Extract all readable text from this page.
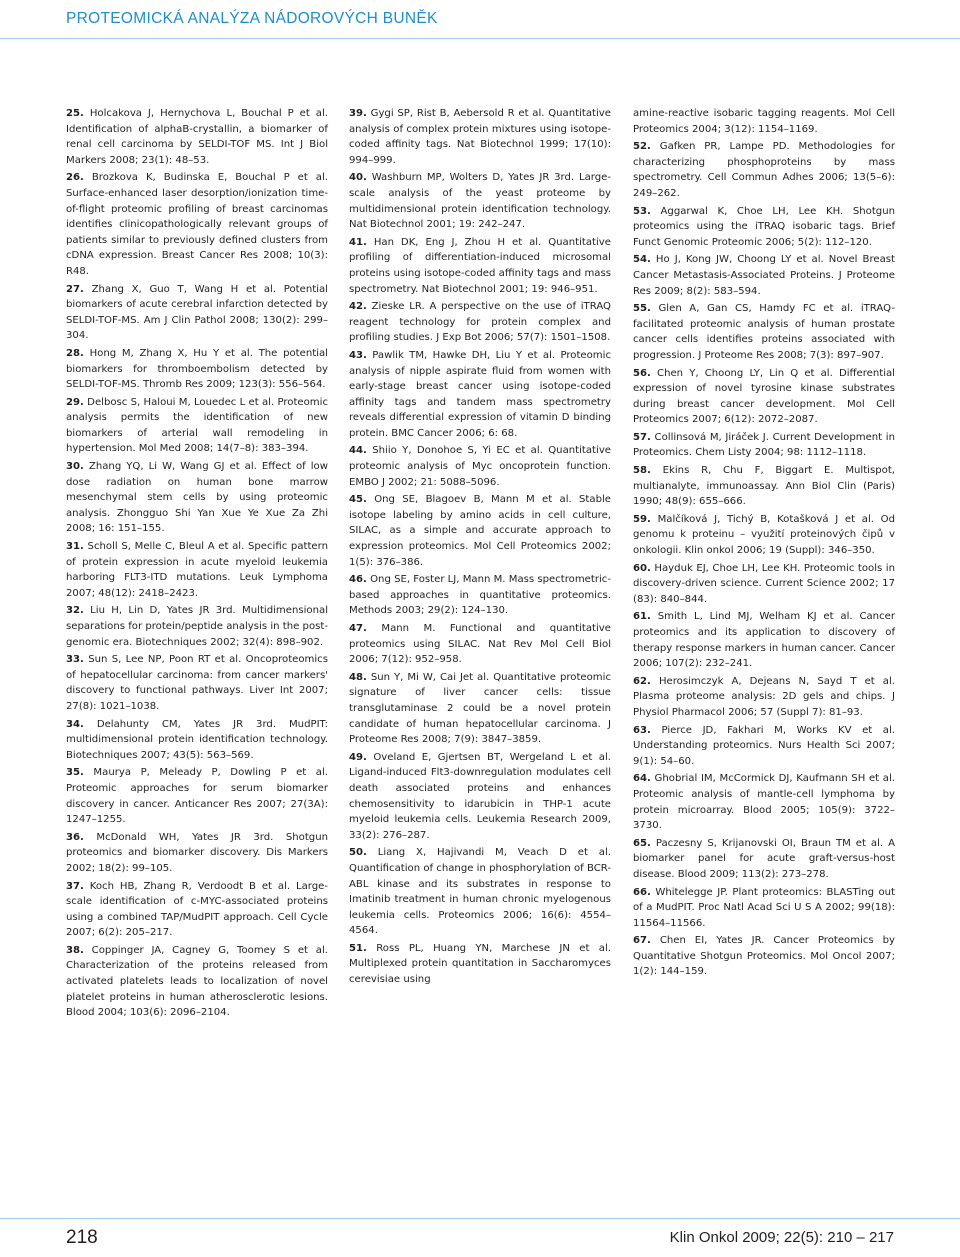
PROTEOMICKÁ ANALÝZA NÁDOROVÝCH BUNĚK

25. Holcakova J, Hernychova L, Bouchal P et al. Identification of alphaB-crystallin, a biomarker of renal cell carcinoma by SELDI-TOF MS. Int J Biol Markers 2008; 23(1): 48–53.

26. Brozkova K, Budinska E, Bouchal P et al. Surface-enhanced laser desorption/ionization time-of-flight proteomic profiling of breast carcinomas identifies clinicopathologically relevant groups of patients similar to previously defined clusters from cDNA expression. Breast Cancer Res 2008; 10(3): R48.

27. Zhang X, Guo T, Wang H et al. Potential biomarkers of acute cerebral infarction detected by SELDI-TOF-MS. Am J Clin Pathol 2008; 130(2): 299–304.

28. Hong M, Zhang X, Hu Y et al. The potential biomarkers for thromboembolism detected by SELDI-TOF-MS. Thromb Res 2009; 123(3): 556–564.

29. Delbosc S, Haloui M, Louedec L et al. Proteomic analysis permits the identification of new biomarkers of arterial wall remodeling in hypertension. Mol Med 2008; 14(7–8): 383–394.

30. Zhang YQ, Li W, Wang GJ et al. Effect of low dose radiation on human bone marrow mesenchymal stem cells by using proteomic analysis. Zhongguo Shi Yan Xue Ye Xue Za Zhi 2008; 16: 151–155.

31. Scholl S, Melle C, Bleul A et al. Specific pattern of protein expression in acute myeloid leukemia harboring FLT3-ITD mutations. Leuk Lymphoma 2007; 48(12): 2418–2423.

32. Liu H, Lin D, Yates JR 3rd. Multidimensional separations for protein/peptide analysis in the post-genomic era. Biotechniques 2002; 32(4): 898–902.

33. Sun S, Lee NP, Poon RT et al. Oncoproteomics of hepatocellular carcinoma: from cancer markers' discovery to functional pathways. Liver Int 2007; 27(8): 1021–1038.

34. Delahunty CM, Yates JR 3rd. MudPIT: multidimensional protein identification technology. Biotechniques 2007; 43(5): 563–569.

35. Maurya P, Meleady P, Dowling P et al. Proteomic approaches for serum biomarker discovery in cancer. Anticancer Res 2007; 27(3A): 1247–1255.

36. McDonald WH, Yates JR 3rd. Shotgun proteomics and biomarker discovery. Dis Markers 2002; 18(2): 99–105.

37. Koch HB, Zhang R, Verdoodt B et al. Large-scale identification of c-MYC-associated proteins using a combined TAP/MudPIT approach. Cell Cycle 2007; 6(2): 205–217.

38. Coppinger JA, Cagney G, Toomey S et al. Characterization of the proteins released from activated platelets leads to localization of novel platelet proteins in human atherosclerotic lesions. Blood 2004; 103(6): 2096–2104.

39. Gygi SP, Rist B, Aebersold R et al. Quantitative analysis of complex protein mixtures using isotope-coded affinity tags. Nat Biotechnol 1999; 17(10): 994–999.

40. Washburn MP, Wolters D, Yates JR 3rd. Large-scale analysis of the yeast proteome by multidimensional protein identification technology. Nat Biotechnol 2001; 19: 242–247.

41. Han DK, Eng J, Zhou H et al. Quantitative profiling of differentiation-induced microsomal proteins using isotope-coded affinity tags and mass spectrometry. Nat Biotechnol 2001; 19: 946–951.

42. Zieske LR. A perspective on the use of iTRAQ reagent technology for protein complex and profiling studies. J Exp Bot 2006; 57(7): 1501–1508.

43. Pawlik TM, Hawke DH, Liu Y et al. Proteomic analysis of nipple aspirate fluid from women with early-stage breast cancer using isotope-coded affinity tags and tandem mass spectrometry reveals differential expression of vitamin D binding protein. BMC Cancer 2006; 6: 68.

44. Shiio Y, Donohoe S, Yi EC et al. Quantitative proteomic analysis of Myc oncoprotein function. EMBO J 2002; 21: 5088–5096.

45. Ong SE, Blagoev B, Mann M et al. Stable isotope labeling by amino acids in cell culture, SILAC, as a simple and accurate approach to expression proteomics. Mol Cell Proteomics 2002; 1(5): 376–386.

46. Ong SE, Foster LJ, Mann M. Mass spectrometric-based approaches in quantitative proteomics. Methods 2003; 29(2): 124–130.

47. Mann M. Functional and quantitative proteomics using SILAC. Nat Rev Mol Cell Biol 2006; 7(12): 952–958.

48. Sun Y, Mi W, Cai Jet al. Quantitative proteomic signature of liver cancer cells: tissue transglutaminase 2 could be a novel protein candidate of human hepatocellular carcinoma. J Proteome Res 2008; 7(9): 3847–3859.

49. Oveland E, Gjertsen BT, Wergeland L et al. Ligand-induced Flt3-downregulation modulates cell death associated proteins and enhances chemosensitivity to idarubicin in THP-1 acute myeloid leukemia cells. Leukemia Research 2009, 33(2): 276–287.

50. Liang X, Hajivandi M, Veach D et al. Quantification of change in phosphorylation of BCR-ABL kinase and its substrates in response to Imatinib treatment in human chronic myelogenous leukemia cells. Proteomics 2006; 16(6): 4554–4564.

51. Ross PL, Huang YN, Marchese JN et al. Multiplexed protein quantitation in Saccharomyces cerevisiae using

amine-reactive isobaric tagging reagents. Mol Cell Proteomics 2004; 3(12): 1154–1169.

52. Gafken PR, Lampe PD. Methodologies for characterizing phosphoproteins by mass spectrometry. Cell Commun Adhes 2006; 13(5–6): 249–262.

53. Aggarwal K, Choe LH, Lee KH. Shotgun proteomics using the iTRAQ isobaric tags. Brief Funct Genomic Proteomic 2006; 5(2): 112–120.

54. Ho J, Kong JW, Choong LY et al. Novel Breast Cancer Metastasis-Associated Proteins. J Proteome Res 2009; 8(2): 583–594.

55. Glen A, Gan CS, Hamdy FC et al. iTRAQ-facilitated proteomic analysis of human prostate cancer cells identifies proteins associated with progression. J Proteome Res 2008; 7(3): 897–907.

56. Chen Y, Choong LY, Lin Q et al. Differential expression of novel tyrosine kinase substrates during breast cancer development. Mol Cell Proteomics 2007; 6(12): 2072–2087.

57. Collinsová M, Jiráček J. Current Development in Proteomics. Chem Listy 2004; 98: 1112–1118.

58. Ekins R, Chu F, Biggart E. Multispot, multianalyte, immunoassay. Ann Biol Clin (Paris) 1990; 48(9): 655–666.

59. Malčíková J, Tichý B, Kotašková J et al. Od genomu k proteinu – využití proteinových čipů v onkologii. Klin onkol 2006; 19 (Suppl): 346–350.

60. Hayduk EJ, Choe LH, Lee KH. Proteomic tools in discovery-driven science. Current Science 2002; 17 (83): 840–844.

61. Smith L, Lind MJ, Welham KJ et al. Cancer proteomics and its application to discovery of therapy response markers in human cancer. Cancer 2006; 107(2): 232–241.

62. Herosimczyk A, Dejeans N, Sayd T et al. Plasma proteome analysis: 2D gels and chips. J Physiol Pharmacol 2006; 57 (Suppl 7): 81–93.

63. Pierce JD, Fakhari M, Works KV et al. Understanding proteomics. Nurs Health Sci 2007; 9(1): 54–60.

64. Ghobrial IM, McCormick DJ, Kaufmann SH et al. Proteomic analysis of mantle-cell lymphoma by protein microarray. Blood 2005; 105(9): 3722–3730.

65. Paczesny S, Krijanovski OI, Braun TM et al. A biomarker panel for acute graft-versus-host disease. Blood 2009; 113(2): 273–278.

66. Whitelegge JP. Plant proteomics: BLASTing out of a MudPIT. Proc Natl Acad Sci U S A 2002; 99(18): 11564–11566.

67. Chen EI, Yates JR. Cancer Proteomics by Quantitative Shotgun Proteomics. Mol Oncol 2007; 1(2): 144–159.

218	Klin Onkol 2009; 22(5): 210 – 217
